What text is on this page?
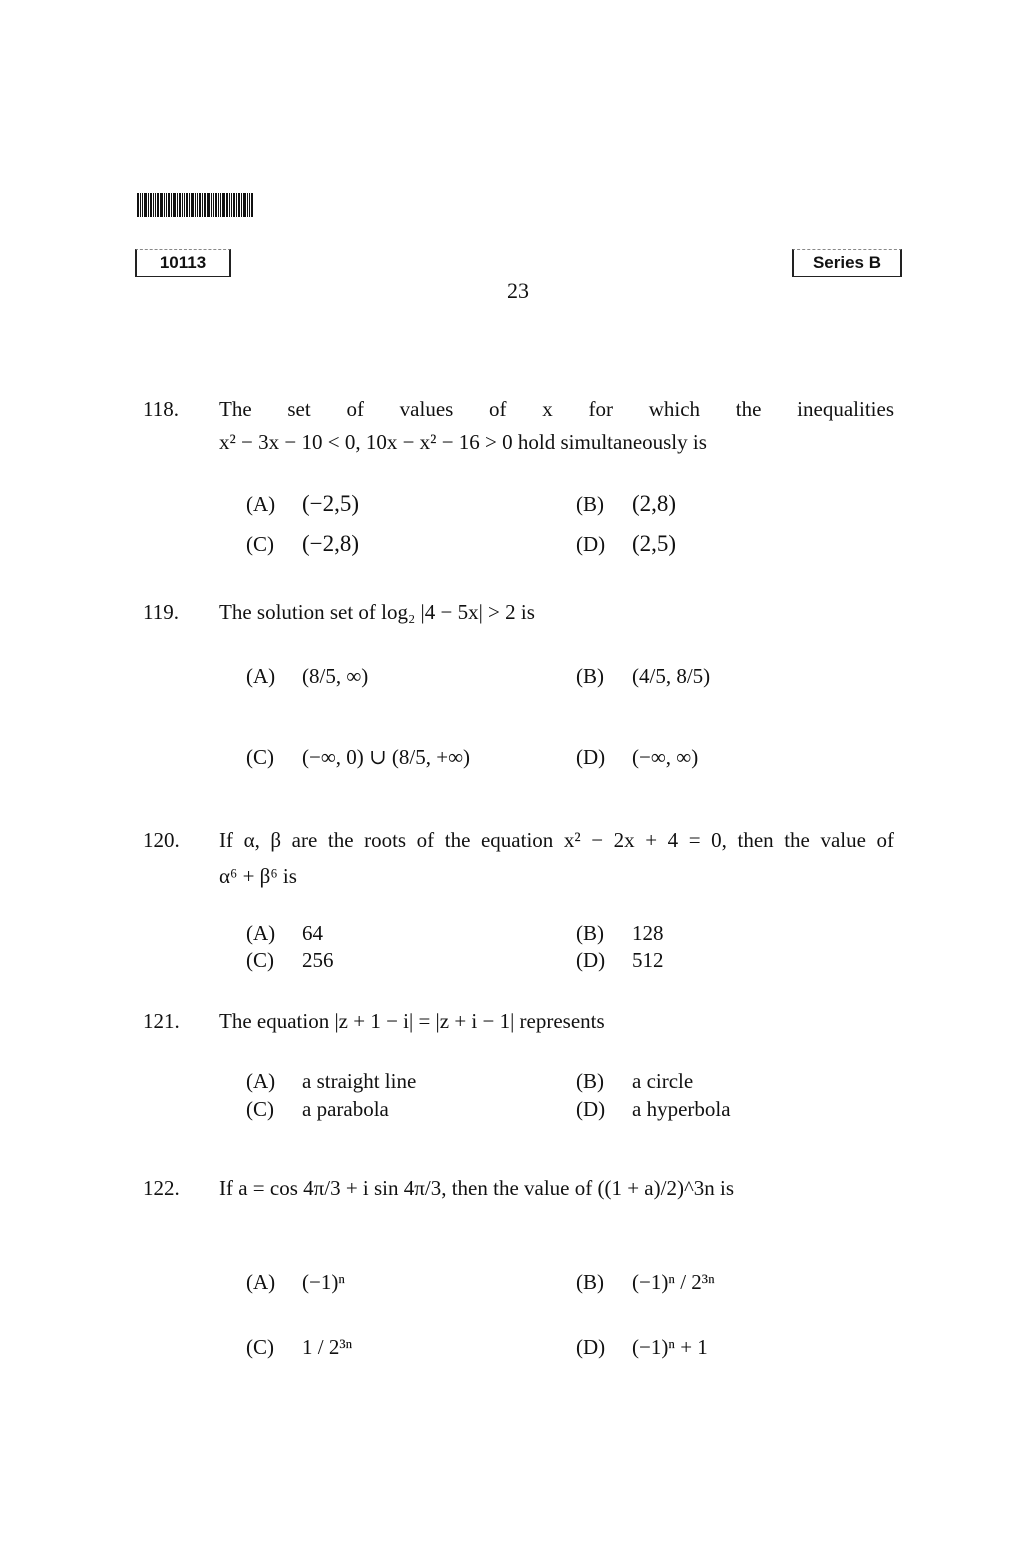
10113	Series B
23
118. The set of values of x for which the inequalities
x² − 3x − 10 < 0, 10x − x² − 16 > 0 hold simultaneously is
(A)	(−2,5)	(B)	(2,8)
(C)	(−2,8)	(D)	(2,5)
119. The solution set of log₂ |4 − 5x| > 2 is
(A)	(8/5, ∞)	(B)	(4/5, 8/5)
(C)	(−∞, 0) ∪ (8/5, +∞)	(D)	(−∞, ∞)
120. If α, β are the roots of the equation x² − 2x + 4 = 0, then the value of
α⁶ + β⁶ is
(A)	64	(B)	128
(C)	256	(D)	512
121. The equation |z + 1 − i| = |z + i − 1| represents
(A)	a straight line	(B)	a circle
(C)	a parabola	(D)	a hyperbola
122. If a = cos 4π/3 + i sin 4π/3, then the value of ((1 + a)/2)^3n is
(A)	(−1)ⁿ	(B)	(−1)ⁿ / 2³ⁿ
(C)	1 / 2³ⁿ	(D)	(−1)ⁿ + 1
